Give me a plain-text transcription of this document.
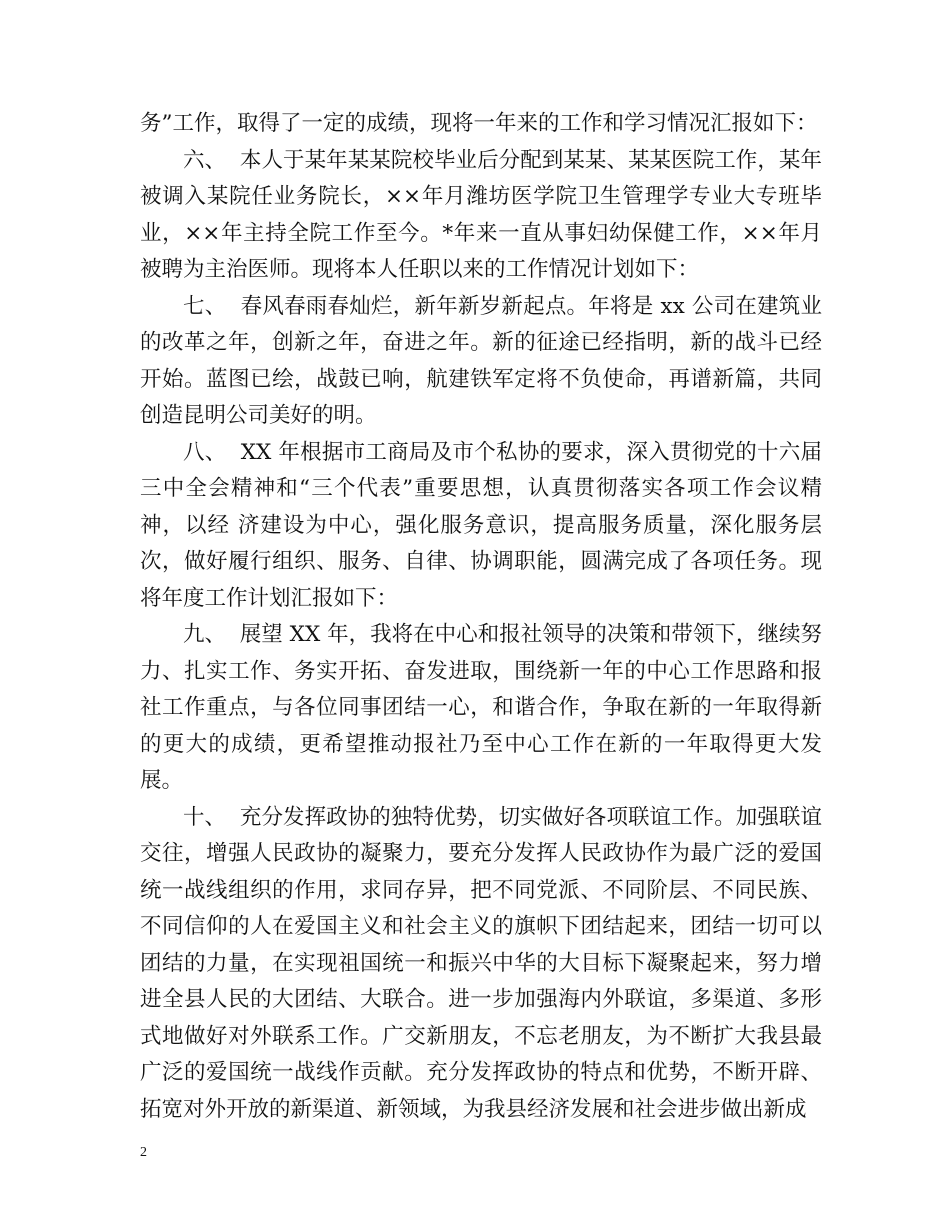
务”工作，取得了一定的成绩，现将一年来的工作和学习情况汇报如下：

六、 本人于某年某某院校毕业后分配到某某、某某医院工作，某年被调入某院任业务院长，××年月潍坊医学院卫生管理学专业大专班毕业，××年主持全院工作至今。*年来一直从事妇幼保健工作，××年月被聘为主治医师。现将本人任职以来的工作情况计划如下：

七、 春风春雨春灿烂，新年新岁新起点。年将是 xx 公司在建筑业的改革之年，创新之年，奋进之年。新的征途已经指明，新的战斗已经开始。蓝图已绘，战鼓已响，航建铁军定将不负使命，再谱新篇，共同创造昆明公司美好的明。

八、 XX 年根据市工商局及市个私协的要求，深入贯彻党的十六届三中全会精神和“三个代表”重要思想，认真贯彻落实各项工作会议精神，以经 济建设为中心，强化服务意识，提高服务质量，深化服务层次，做好履行组织、服务、自律、协调职能，圆满完成了各项任务。现将年度工作计划汇报如下：

九、 展望 XX 年，我将在中心和报社领导的决策和带领下，继续努力、扎实工作、务实开拓、奋发进取，围绕新一年的中心工作思路和报社工作重点，与各位同事团结一心，和谐合作，争取在新的一年取得新的更大的成绩，更希望推动报社乃至中心工作在新的一年取得更大发展。

十、 充分发挥政协的独特优势，切实做好各项联谊工作。加强联谊交往，增强人民政协的凝聚力，要充分发挥人民政协作为最广泛的爱国统一战线组织的作用，求同存异，把不同党派、不同阶层、不同民族、不同信仰的人在爱国主义和社会主义的旗帜下团结起来，团结一切可以团结的力量，在实现祖国统一和振兴中华的大目标下凝聚起来，努力增进全县人民的大团结、大联合。进一步加强海内外联谊，多渠道、多形式地做好对外联系工作。广交新朋友，不忘老朋友，为不断扩大我县最广泛的爱国统一战线作贡献。充分发挥政协的特点和优势，不断开辟、拓宽对外开放的新渠道、新领域，为我县经济发展和社会进步做出新成

2
